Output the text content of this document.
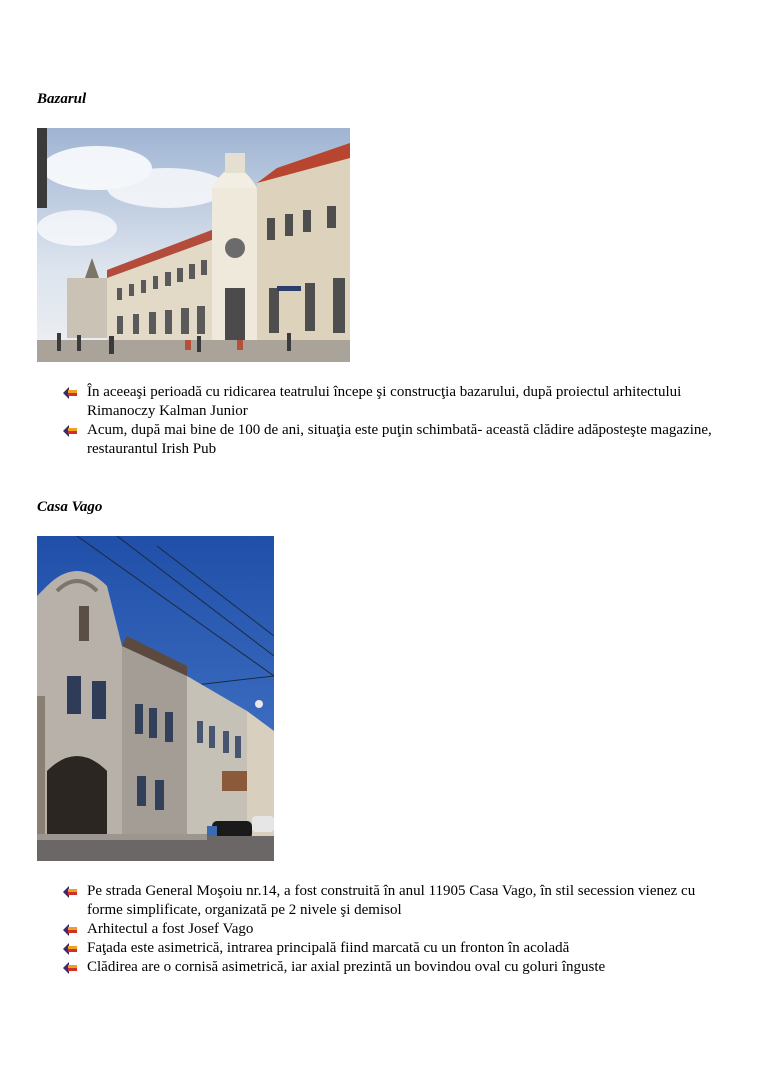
Bazarul
În aceeaşi perioadă cu ridicarea teatrului începe şi construcţia bazarului, după proiectul arhitectului Rimanoczy Kalman Junior
Acum, după mai bine de 100 de ani, situaţia este puţin schimbată- această clădire adăposteşte magazine, restaurantul Irish Pub
Casa Vago
Pe strada General Moşoiu nr.14, a fost construită în anul 11905 Casa Vago, în stil secession vienez cu forme simplificate, organizată pe 2 nivele şi demisol
Arhitectul a fost Josef Vago
Faţada este asimetrică, intrarea principală fiind marcată cu un fronton în acoladă
Clădirea are o cornisă asimetrică, iar axial prezintă un bovindou oval cu goluri înguste
